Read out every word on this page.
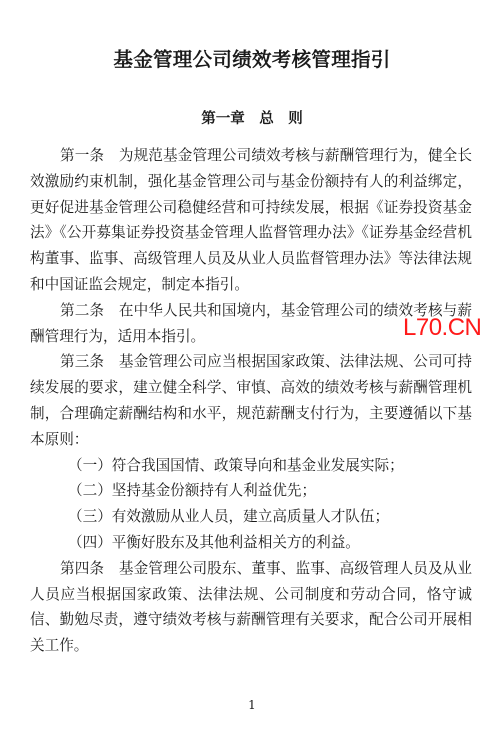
基金管理公司绩效考核管理指引
第一章　总　则

第一条　为规范基金管理公司绩效考核与薪酬管理行为，健全长效激励约束机制，强化基金管理公司与基金份额持有人的利益绑定，更好促进基金管理公司稳健经营和可持续发展，根据《证券投资基金法》《公开募集证券投资基金管理人监督管理办法》《证券基金经营机构董事、监事、高级管理人员及从业人员监督管理办法》等法律法规和中国证监会规定，制定本指引。

第二条　在中华人民共和国境内，基金管理公司的绩效考核与薪酬管理行为，适用本指引。

第三条　基金管理公司应当根据国家政策、法律法规、公司可持续发展的要求，建立健全科学、审慎、高效的绩效考核与薪酬管理机制，合理确定薪酬结构和水平，规范薪酬支付行为，主要遵循以下基本原则：

（一）符合我国国情、政策导向和基金业发展实际；

（二）坚持基金份额持有人利益优先；

（三）有效激励从业人员，建立高质量人才队伍；

（四）平衡好股东及其他利益相关方的利益。

第四条　基金管理公司股东、董事、监事、高级管理人员及从业人员应当根据国家政策、法律法规、公司制度和劳动合同，恪守诚信、勤勉尽责，遵守绩效考核与薪酬管理有关要求，配合公司开展相关工作。

1
L70.CN
